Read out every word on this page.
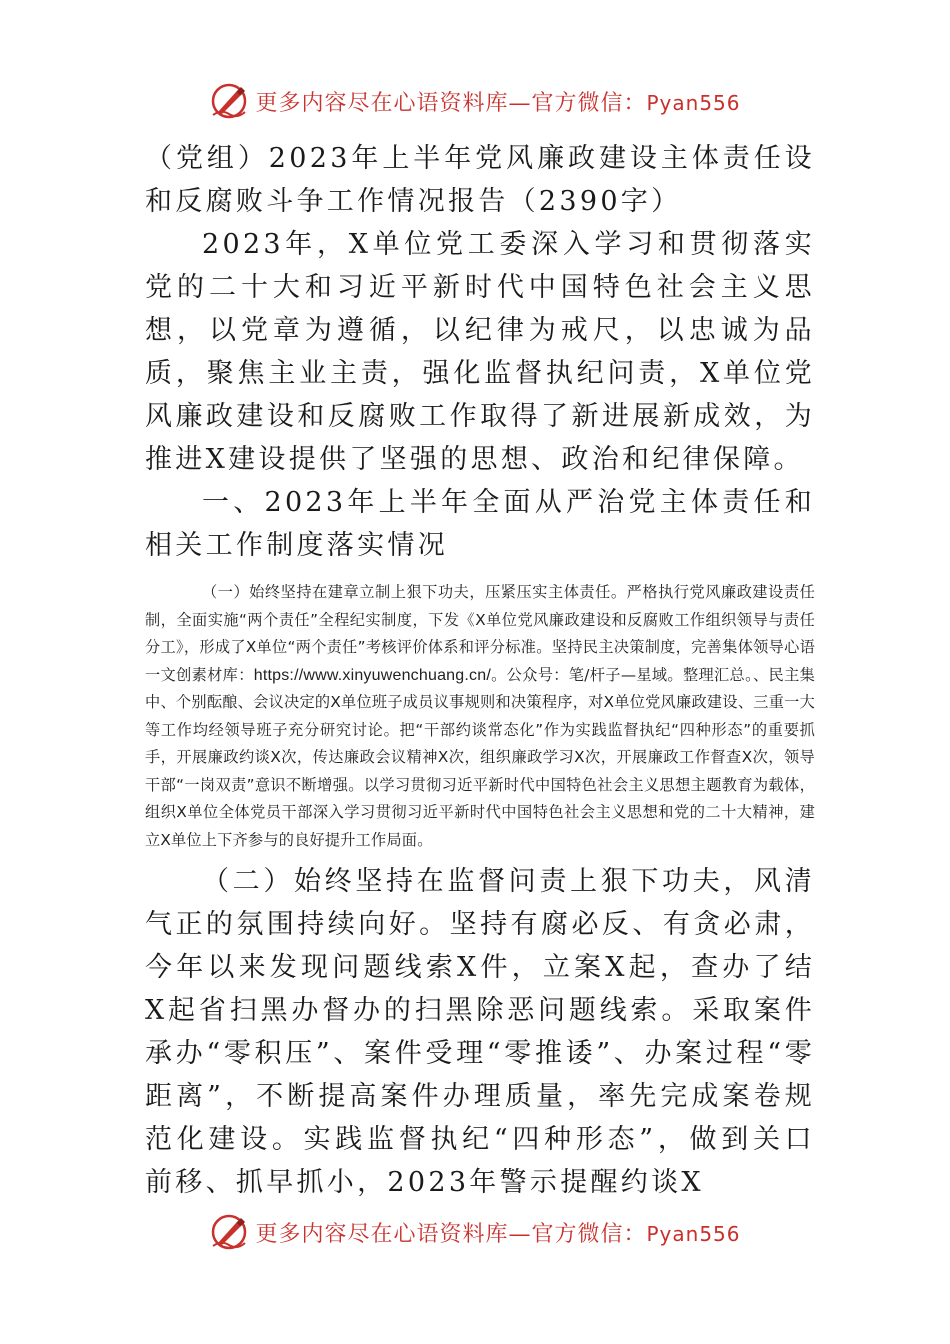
更多内容尽在心语资料库—官方微信：Pyan556

（党组）2023年上半年党风廉政建设主体责任设和反腐败斗争工作情况报告（2390字）

2023年，X单位党工委深入学习和贯彻落实党的二十大和习近平新时代中国特色社会主义思想，以党章为遵循，以纪律为戒尺，以忠诚为品质，聚焦主业主责，强化监督执纪问责，X单位党风廉政建设和反腐败工作取得了新进展新成效，为推进X建设提供了坚强的思想、政治和纪律保障。

一、2023年上半年全面从严治党主体责任和相关工作制度落实情况

（一）始终坚持在建章立制上狠下功夫，压紧压实主体责任。严格执行党风廉政建设责任制，全面实施“两个责任”全程纪实制度，下发《X单位党风廉政建设和反腐败工作组织领导与责任分工》，形成了X单位“两个责任”考核评价体系和评分标准。坚持民主决策制度，完善集体领导心语一文创素材库：https://www.xinyuwenchuang.cn/。公众号：笔/杆子—星域。整理汇总。、民主集中、个别酝酿、会议决定的X单位班子成员议事规则和决策程序，对X单位党风廉政建设、三重一大等工作均经领导班子充分研究讨论。把“干部约谈常态化”作为实践监督执纪“四种形态”的重要抓手，开展廉政约谈X次，传达廉政会议精神X次，组织廉政学习X次，开展廉政工作督查X次，领导干部“一岗双责”意识不断增强。以学习贯彻习近平新时代中国特色社会主义思想主题教育为载体，组织X单位全体党员干部深入学习贯彻习近平新时代中国特色社会主义思想和党的二十大精神，建立X单位上下齐参与的良好提升工作局面。

（二）始终坚持在监督问责上狠下功夫，风清气正的氛围持续向好。坚持有腐必反、有贪必肃，今年以来发现问题线索X件，立案X起，查办了结X起省扫黑办督办的扫黑除恶问题线索。采取案件承办“零积压”、案件受理“零推诿”、办案过程“零距离”，不断提高案件办理质量，率先完成案卷规范化建设。实践监督执纪“四种形态”，做到关口前移、抓早抓小，2023年警示提醒约谈X

更多内容尽在心语资料库—官方微信：Pyan556
